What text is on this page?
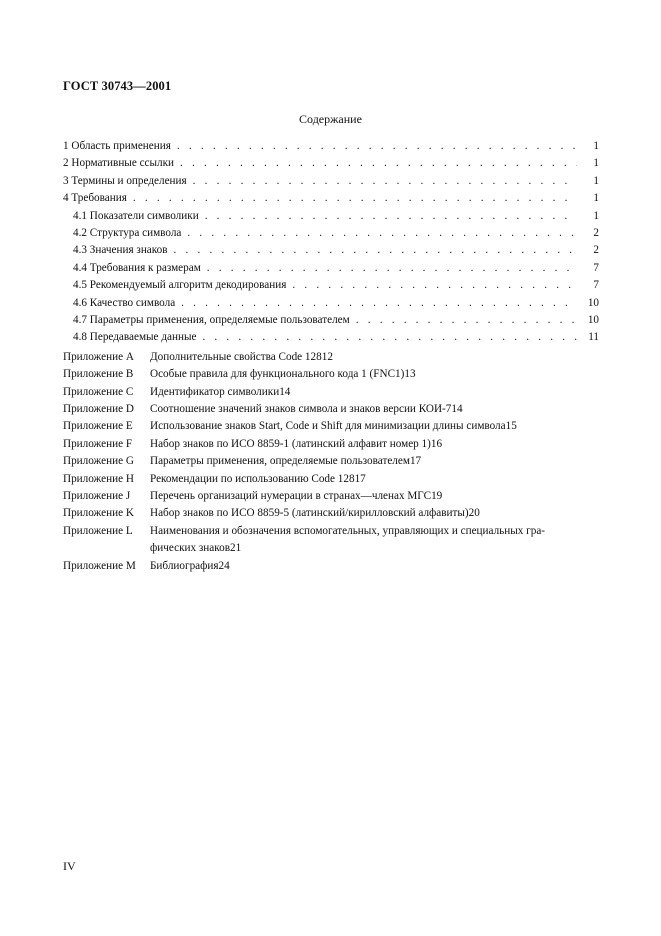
ГОСТ 30743—2001
Содержание
1 Область применения . . .	1
2 Нормативные ссылки . . .	1
3 Термины и определения . . .	1
4 Требования . . .	1
4.1 Показатели символики . . .	1
4.2 Структура символа . . .	2
4.3 Значения знаков . . .	2
4.4 Требования к размерам . . .	7
4.5 Рекомендуемый алгоритм декодирования . . .	7
4.6 Качество символа . . .	10
4.7 Параметры применения, определяемые пользователем . . .	10
4.8 Передаваемые данные . . .	11
Приложение A	Дополнительные свойства Code 128 12
Приложение B	Особые правила для функционального кода 1 (FNC1) 13
Приложение C	Идентификатор символики 14
Приложение D	Соотношение значений знаков символа и знаков версии КОИ-7 14
Приложение E	Использование знаков Start, Code и Shift для минимизации длины символа 15
Приложение F	Набор знаков по ИСО 8859-1 (латинский алфавит номер 1) 16
Приложение G	Параметры применения, определяемые пользователем 17
Приложение H	Рекомендации по использованию Code 128 17
Приложение J	Перечень организаций нумерации в странах—членах МГС 19
Приложение K	Набор знаков по ИСО 8859-5 (латинский/кириллoвский алфавиты) 20
Приложение L	Наименования и обозначения вспомогательных, управляющих и специальных гра-
фических знаков 21
Приложение M	Библиография 24
IV
